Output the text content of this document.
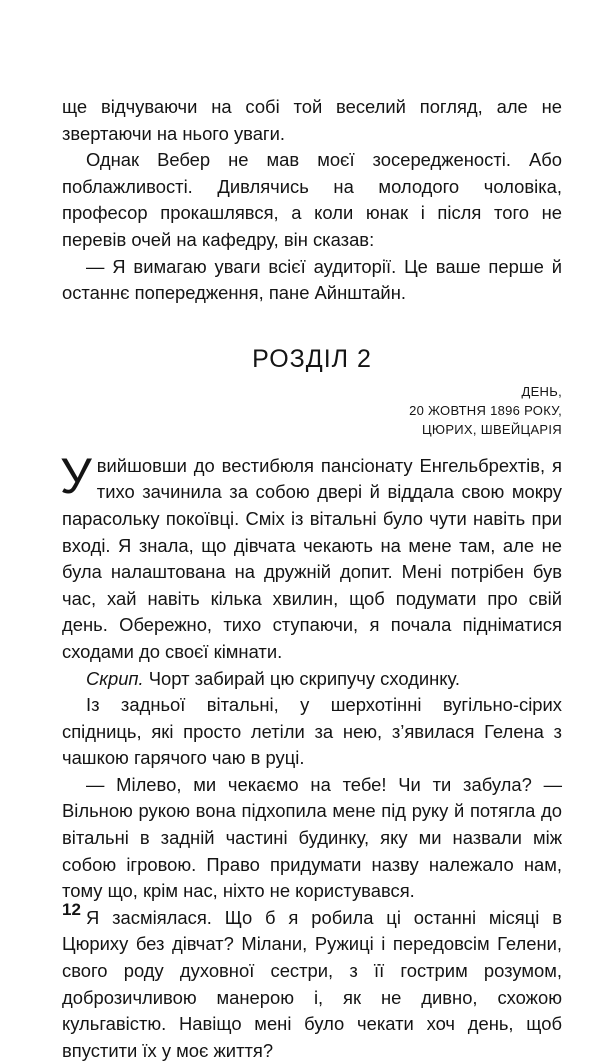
ще відчуваючи на собі той веселий погляд, але не звертаючи на нього уваги.

Однак Вебер не мав моєї зосередженості. Або поблажливості. Дивлячись на молодого чоловіка, професор прокашлявся, а коли юнак і після того не перевів очей на кафедру, він сказав:

— Я вимагаю уваги всієї аудиторії. Це ваше перше й останнє попередження, пане Айнштайн.

РОЗДІЛ 2
ДЕНЬ,
20 ЖОВТНЯ 1896 РОКУ,
ЦЮРИХ, ШВЕЙЦАРІЯ

Увийшовши до вестибюля пансіонату Енгельбрехтів, я тихо зачинила за собою двері й віддала свою мокру парасольку покоївці. Сміх із вітальні було чути навіть при вході. Я знала, що дівчата чекають на мене там, але не була налаштована на дружній допит. Мені потрібен був час, хай навіть кілька хвилин, щоб подумати про свій день. Обережно, тихо ступаючи, я почала підніматися сходами до своєї кімнати.

Скрип. Чорт забирай цю скрипучу сходинку.

Із задньої вітальні, у шерхотінні вугільно-сірих спідниць, які просто летіли за нею, з’явилася Гелена з чашкою гарячого чаю в руці.

— Мілево, ми чекаємо на тебе! Чи ти забула? — Вільною рукою вона підхопила мене під руку й потягла до вітальні в задній частині будинку, яку ми назвали між собою ігровою. Право придумати назву належало нам, тому що, крім нас, ніхто не користувався.

Я засміялася. Що б я робила ці останні місяці в Цюриху без дівчат? Мілани, Ружиці і передовсім Гелени, свого роду духовної сестри, з її гострим розумом, доброзичливою манерою і, як не дивно, схожою кульгавістю. Навіщо мені було чекати хоч день, щоб впустити їх у моє життя?

12
